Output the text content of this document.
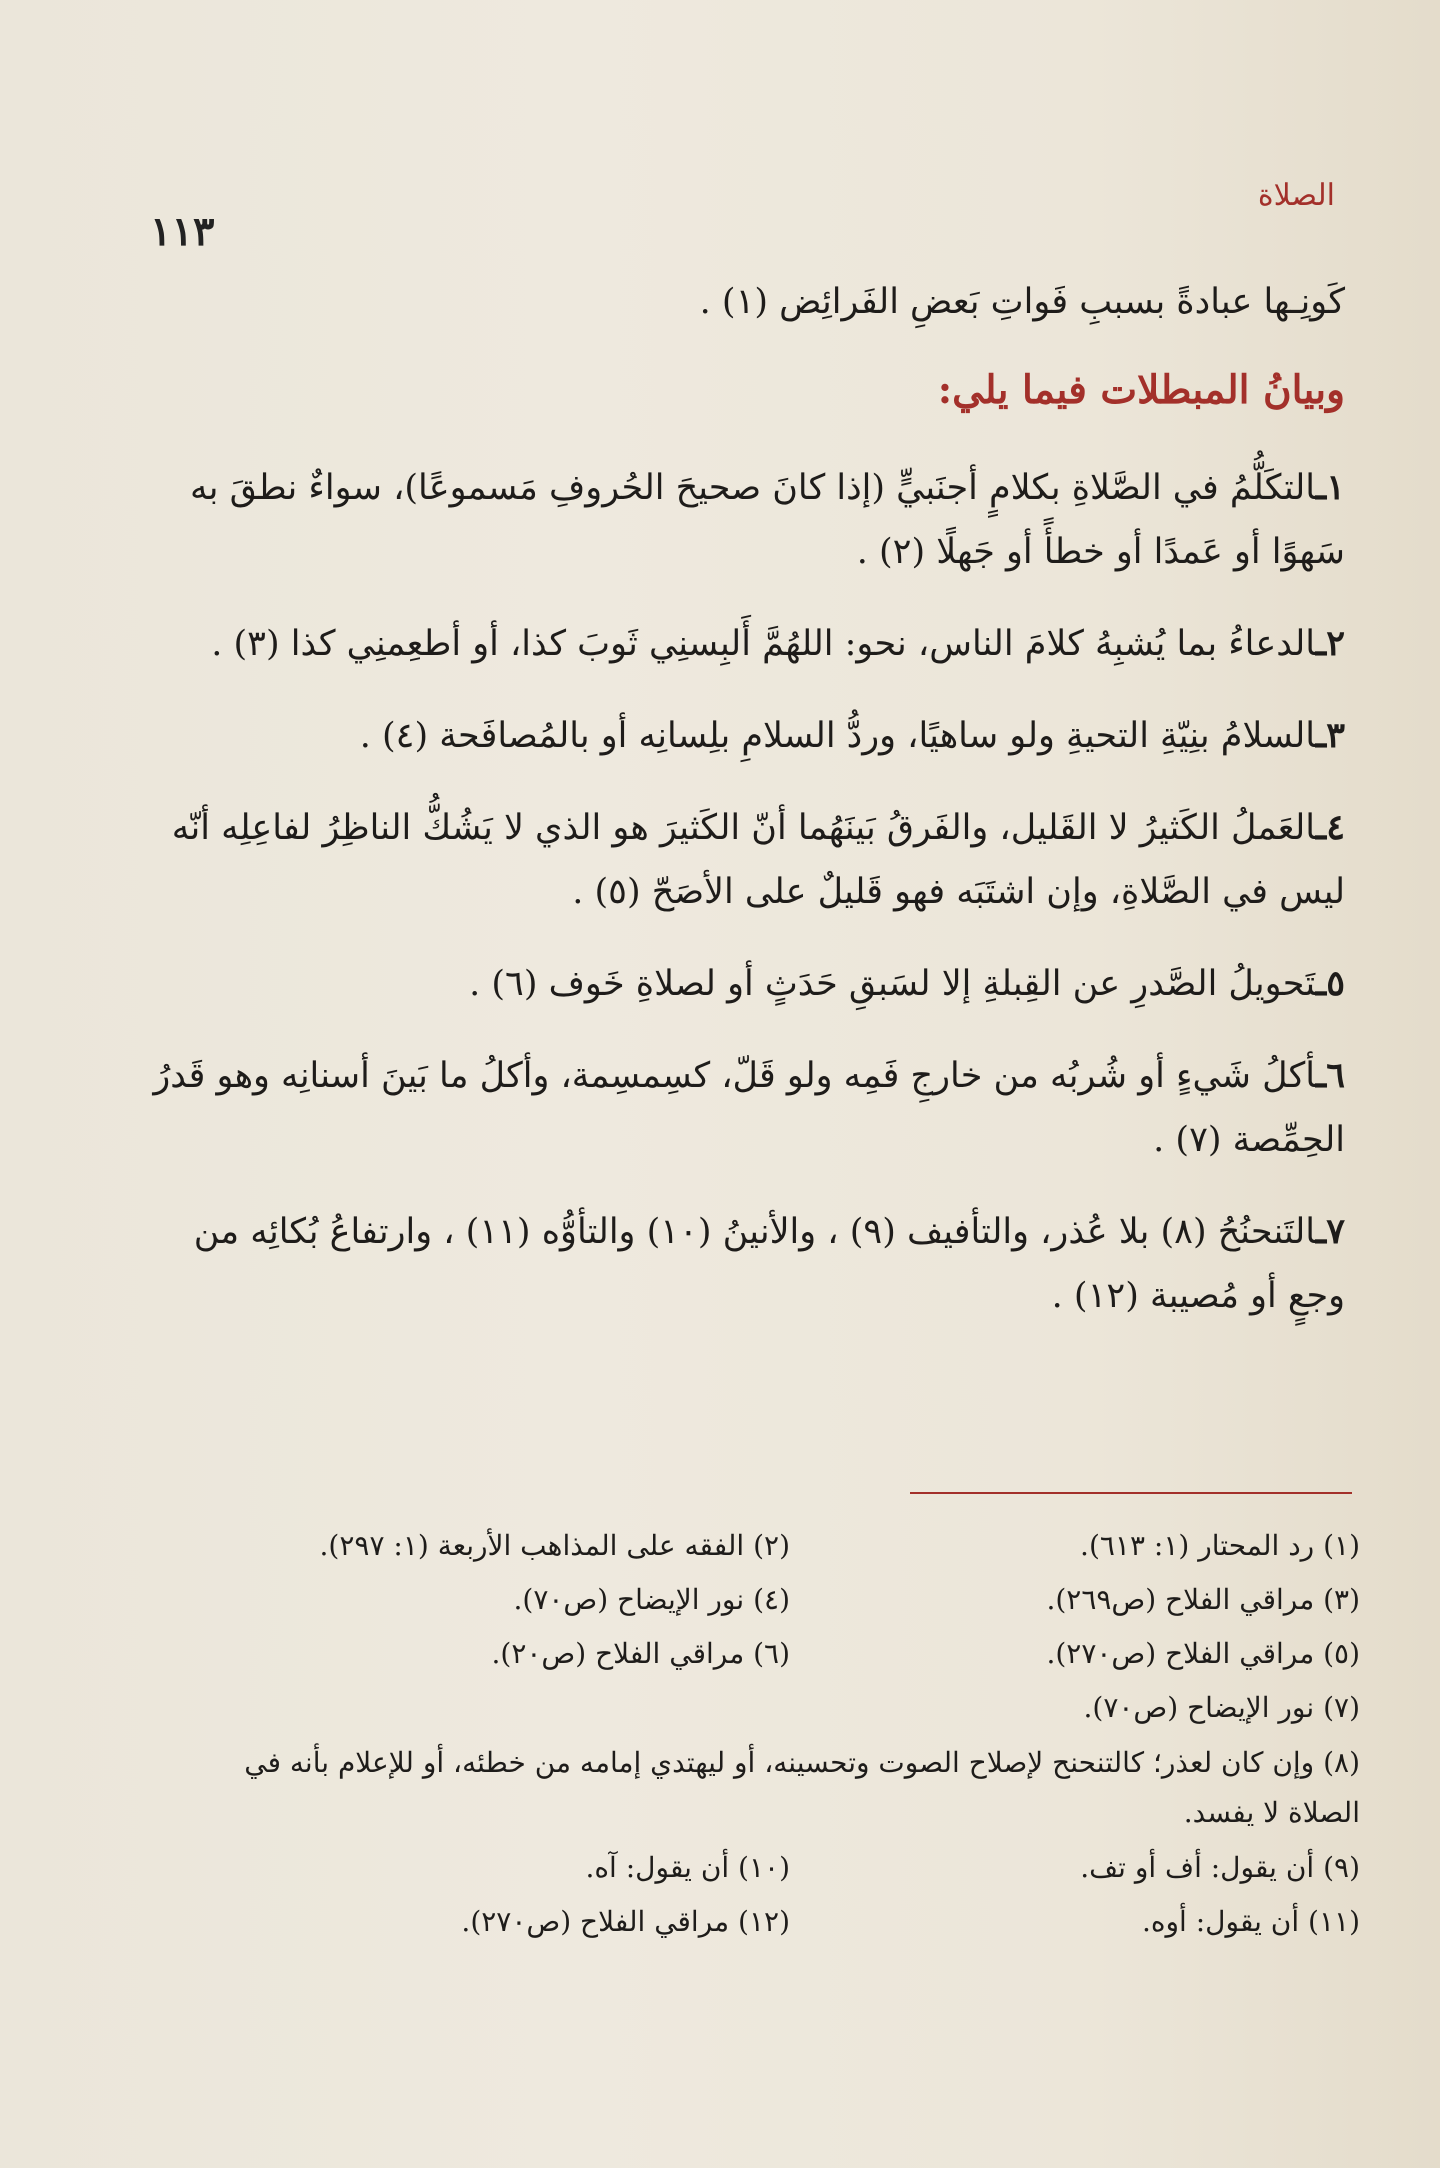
الصلاة
١١٣

كَونِـها عبادةً بسببِ فَواتِ بَعضِ الفَرائِض (١) .

وبيانُ المبطلات فيما يلي:

١ـالتكَلُّمُ في الصَّلاةِ بكلامٍ أجنَبيٍّ (إذا كانَ صحيحَ الحُروفِ مَسموعًا)، سواءٌ نطقَ به سَهوًا أو عَمدًا أو خطأً أو جَهلًا (٢) .

٢ـالدعاءُ بما يُشبِهُ كلامَ الناس، نحو: اللهُمَّ أَلبِسنِي ثَوبَ كذا، أو أطعِمنِي كذا (٣) .

٣ـالسلامُ بنِيّةِ التحيةِ ولو ساهيًا، وردُّ السلامِ بلِسانِه أو بالمُصافَحة (٤) .

٤ـالعَملُ الكَثيرُ لا القَليل، والفَرقُ بَينَهُما أنّ الكَثيرَ هو الذي لا يَشُكُّ الناظِرُ لفاعِلِه أنّه ليس في الصَّلاةِ، وإن اشتَبَه فهو قَليلٌ على الأصَحّ (٥) .

٥ـتَحويلُ الصَّدرِ عن القِبلةِ إلا لسَبقِ حَدَثٍ أو لصلاةِ خَوف (٦) .

٦ـأكلُ شَيءٍ أو شُربُه من خارجِ فَمِه ولو قَلّ، كسِمسِمة، وأكلُ ما بَينَ أسنانِه وهو قَدرُ الحِمِّصة (٧) .

٧ـالتَنحنُحُ (٨) بلا عُذر، والتأفيف (٩) ، والأنينُ (١٠) والتأوُّه (١١) ، وارتفاعُ بُكائِه من وجعٍ أو مُصيبة (١٢) .

(١) رد المحتار (١: ٦١٣).
(٢) الفقه على المذاهب الأربعة (١: ٢٩٧).
(٣) مراقي الفلاح (ص٢٦٩).
(٤) نور الإيضاح (ص٧٠).
(٥) مراقي الفلاح (ص٢٧٠).
(٦) مراقي الفلاح (ص٢٠).
(٧) نور الإيضاح (ص٧٠).
(٨) وإن كان لعذر؛ كالتنحنح لإصلاح الصوت وتحسينه، أو ليهتدي إمامه من خطئه، أو للإعلام بأنه في الصلاة لا يفسد.
(٩) أن يقول: أف أو تف.
(١٠) أن يقول: آه.
(١١) أن يقول: أوه.
(١٢) مراقي الفلاح (ص٢٧٠).
